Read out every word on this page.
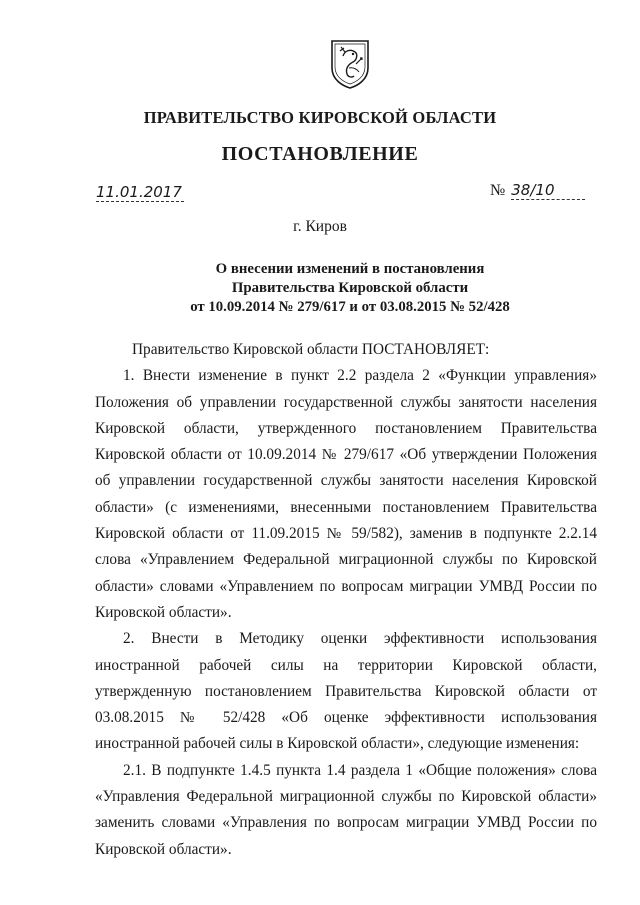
ПРАВИТЕЛЬСТВО КИРОВСКОЙ ОБЛАСТИ
ПОСТАНОВЛЕНИЕ
11.01.2017	№ 38/10
г. Киров
О внесении изменений в постановления
Правительства Кировской области
от 10.09.2014 № 279/617 и от 03.08.2015 № 52/428

Правительство Кировской области ПОСТАНОВЛЯЕТ:

1. Внести изменение в пункт 2.2 раздела 2 «Функции управления» Положения об управлении государственной службы занятости населения Кировской области, утвержденного постановлением Правительства Кировской области от 10.09.2014 № 279/617 «Об утверждении Положения об управлении государственной службы занятости населения Кировской области» (с изменениями, внесенными постановлением Правительства Кировской области от 11.09.2015 № 59/582), заменив в подпункте 2.2.14 слова «Управлением Федеральной миграционной службы по Кировской области» словами «Управлением по вопросам миграции УМВД России по Кировской области».

2. Внести в Методику оценки эффективности использования иностранной рабочей силы на территории Кировской области, утвержденную постановлением Правительства Кировской области от 03.08.2015 № 52/428 «Об оценке эффективности использования иностранной рабочей силы в Кировской области», следующие изменения:

2.1. В подпункте 1.4.5 пункта 1.4 раздела 1 «Общие положения» слова «Управления Федеральной миграционной службы по Кировской области» заменить словами «Управления по вопросам миграции УМВД России по Кировской области».
